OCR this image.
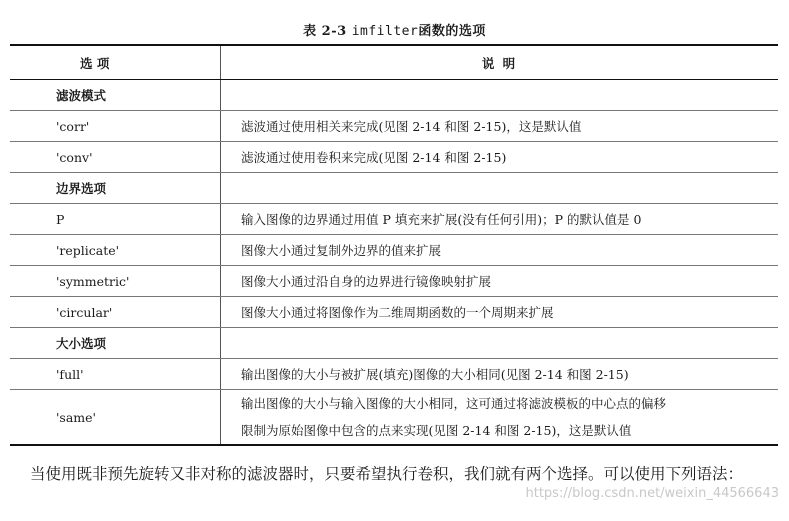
表 2-3 imfilter函数的选项
选 项	说 明
滤波模式	
'corr'	滤波通过使用相关来完成(见图 2-14 和图 2-15)，这是默认值
'conv'	滤波通过使用卷积来完成(见图 2-14 和图 2-15)
边界选项	
P	输入图像的边界通过用值 P 填充来扩展(没有任何引用)；P 的默认值是 0
'replicate'	图像大小通过复制外边界的值来扩展
'symmetric'	图像大小通过沿自身的边界进行镜像映射扩展
'circular'	图像大小通过将图像作为二维周期函数的一个周期来扩展
大小选项	
'full'	输出图像的大小与被扩展(填充)图像的大小相同(见图 2-14 和图 2-15)
'same'	输出图像的大小与输入图像的大小相同，这可通过将滤波模板的中心点的偏移
限制为原始图像中包含的点来实现(见图 2-14 和图 2-15)，这是默认值
当使用既非预先旋转又非对称的滤波器时，只要希望执行卷积，我们就有两个选择。可以使用下列语法：
https://blog.csdn.net/weixin_44566643
